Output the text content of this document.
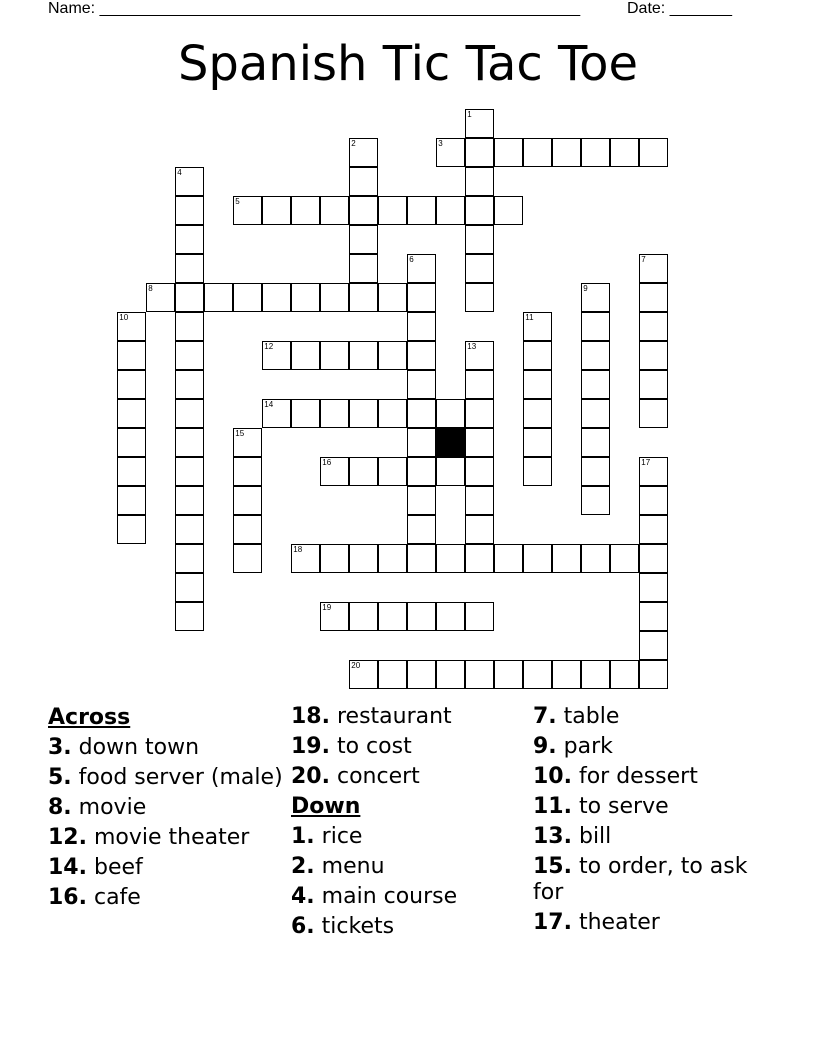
Name: ______________________________________________________	Date: _______
Spanish Tic Tac Toe
1
2	3
4
5
6	7
8	9
10	11
12	13
14
15
16	17
18
19
20
Across
3. down town
5. food server (male)
8. movie
12. movie theater
14. beef
16. cafe
18. restaurant
19. to cost
20. concert
Down
1. rice
2. menu
4. main course
6. tickets
7. table
9. park
10. for dessert
11. to serve
13. bill
15. to order, to ask for
17. theater
